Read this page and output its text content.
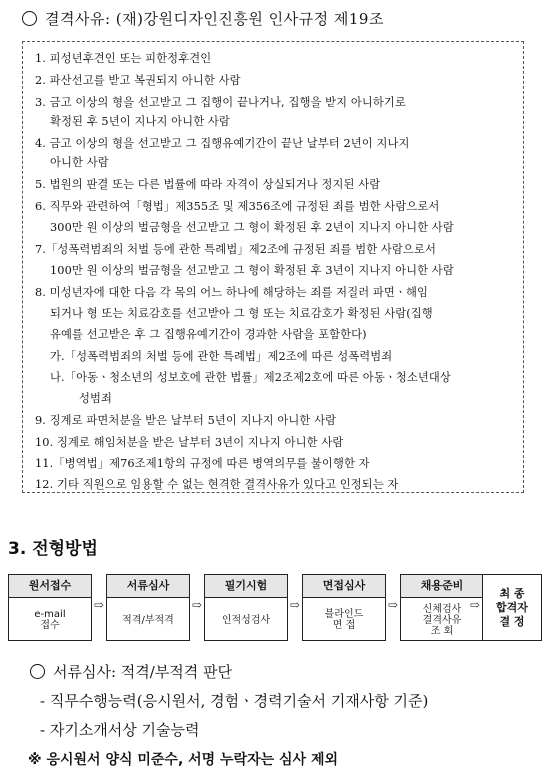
결격사유: (재)강원디자인진흥원 인사규정 제19조
1. 피성년후견인 또는 피한정후견인
2. 파산선고를 받고 복권되지 아니한 사람
3. 금고 이상의 형을 선고받고 그 집행이 끝나거나, 집행을 받지 아니하기로
확정된 후 5년이 지나지 아니한 사람
4. 금고 이상의 형을 선고받고 그 집행유예기간이 끝난 날부터 2년이 지나지
아니한 사람
5. 법원의 판결 또는 다른 법률에 따라 자격이 상실되거나 정지된 사람
6. 직무와 관련하여「형법」제355조 및 제356조에 규정된 죄를 범한 사람으로서
300만 원 이상의 벌금형을 선고받고 그 형이 확정된 후 2년이 지나지 아니한 사람
7.「성폭력범죄의 처벌 등에 관한 특례법」제2조에 규정된 죄를 범한 사람으로서
100만 원 이상의 벌금형을 선고받고 그 형이 확정된 후 3년이 지나지 아니한 사람
8. 미성년자에 대한 다음 각 목의 어느 하나에 해당하는 죄를 저질러 파면ㆍ해임
되거나 형 또는 치료감호를 선고받아 그 형 또는 치료감호가 확정된 사람(집행
유예를 선고받은 후 그 집행유예기간이 경과한 사람을 포함한다)
가.「성폭력범죄의 처벌 등에 관한 특례법」제2조에 따른 성폭력범죄
나.「아동ㆍ청소년의 성보호에 관한 법률」제2조제2호에 따른 아동ㆍ청소년대상
성범죄
9. 징계로 파면처분을 받은 날부터 5년이 지나지 아니한 사람
10. 징계로 해임처분을 받은 날부터 3년이 지나지 아니한 사람
11.「병역법」제76조제1항의 규정에 따른 병역의무를 불이행한 자
12. 기타 직원으로 임용할 수 없는 현격한 결격사유가 있다고 인정되는 자
3. 전형방법
원서접수
e-mail
접수
⇨
서류심사
적격/부적격
⇨
필기시험
인적성검사
⇨
면접심사
블라인드
면 접
⇨
채용준비
신체검사
결격사유
조 회
⇨
최 종
합격자
결 정
서류심사: 적격/부적격 판단
- 직무수행능력(응시원서, 경험ㆍ경력기술서 기재사항 기준)
- 자기소개서상 기술능력
※ 응시원서 양식 미준수, 서명 누락자는 심사 제외
